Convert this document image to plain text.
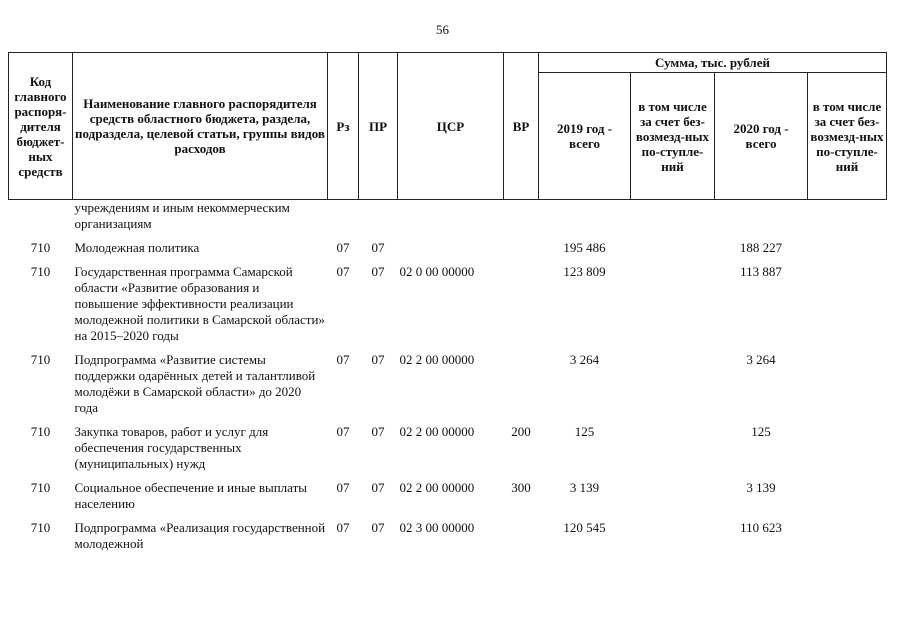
56
Код главного распоря-дителя бюджет-ных средств	Наименование главного распорядителя средств областного бюджета, раздела, подраздела, целевой статьи, группы видов расходов	Рз	ПР	ЦСР	ВР	Сумма, тыс. рублей			
						2019 год - всего	в том числе за счет без-возмезд-ных по-ступле-ний	2020 год - всего	в том числе за счет без-возмезд-ных по-ступле-ний
	учреждениям и иным некоммерческим организациям								
710	Молодежная политика	07	07			195 486		188 227	
710	Государственная программа Самарской области «Развитие образования и повышение эффективности реализации молодежной политики в Самарской области» на 2015–2020 годы	07	07	02 0 00 00000		123 809		113 887	
710	Подпрограмма «Развитие системы поддержки одарённых детей и талантливой молодёжи в Самарской области» до 2020 года	07	07	02 2 00 00000		3 264		3 264	
710	Закупка товаров, работ и услуг для обеспечения государственных (муниципальных) нужд	07	07	02 2 00 00000	200	125		125	
710	Социальное обеспечение и иные выплаты населению	07	07	02 2 00 00000	300	3 139		3 139	
710	Подпрограмма «Реализация государственной молодежной	07	07	02 3 00 00000		120 545		110 623	
